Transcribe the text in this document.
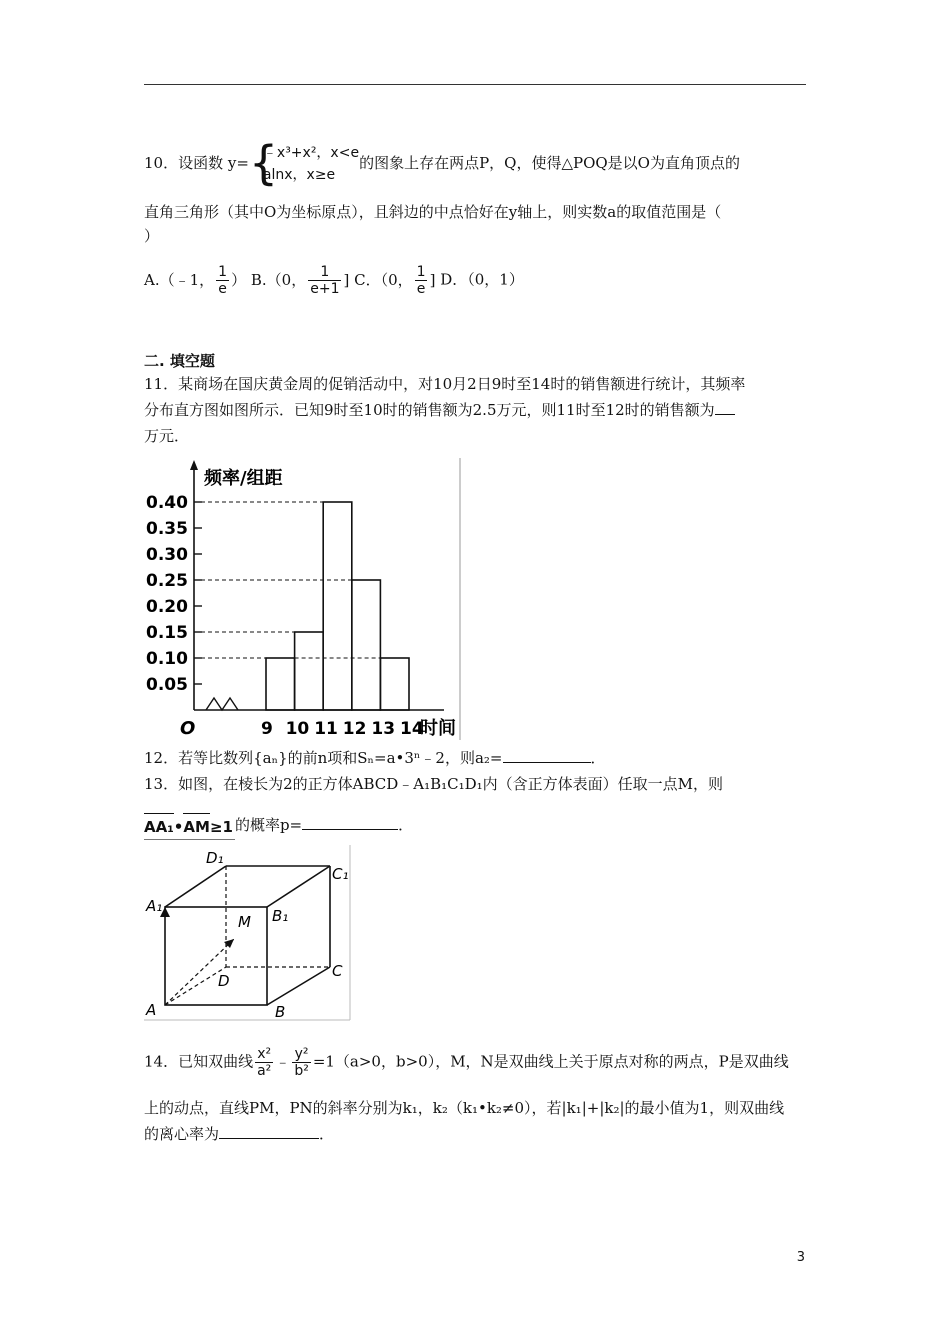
10．设函数 y= {
﹣x³+x²，x<e
alnx，x≥e
的图象上存在两点P，Q，使得△POQ是以O为直角顶点的
直角三角形（其中O为坐标原点），且斜边的中点恰好在y轴上，则实数a的取值范围是（
）
A.（﹣1， $\frac{1}{e}$ ） B.（0， $\frac{1}{e+1}$ ] C．（0， $\frac{1}{e}$ ] D．（0，1）
二. 填空题
11．某商场在国庆黄金周的促销活动中，对10月2日9时至14时的销售额进行统计，其频率
分布直方图如图所示．已知9时至10时的销售额为2.5万元，则11时至12时的销售额为
万元．
0.05
0.10
0.15
0.20
0.25
0.30
0.35
0.40
9 10 11 12 13 14
O
频率/组距
时间
12．若等比数列{aₙ}的前n项和Sₙ=a•3ⁿ﹣2，则a₂=	．
13．如图，在棱长为2的正方体ABCD﹣A₁B₁C₁D₁内（含正方体表面）任取一点M，则
AA₁•AM≥1 的概率p=	．
A	B
C
D
A₁
B₁
C₁
D₁
M
14．已知双曲线 $\frac{\text{x²}}{\text{a²}}$ ﹣ $\frac{\text{y²}}{\text{b²}} =1(a>0$，b>0），M，N是双曲线上关于原点对称的两点，P是双曲线
上的动点，直线PM，PN的斜率分别为k₁，k₂（k₁•k₂≠0），若|k₁|+|k₂|的最小值为1，则双曲线
的离心率为	．
3
